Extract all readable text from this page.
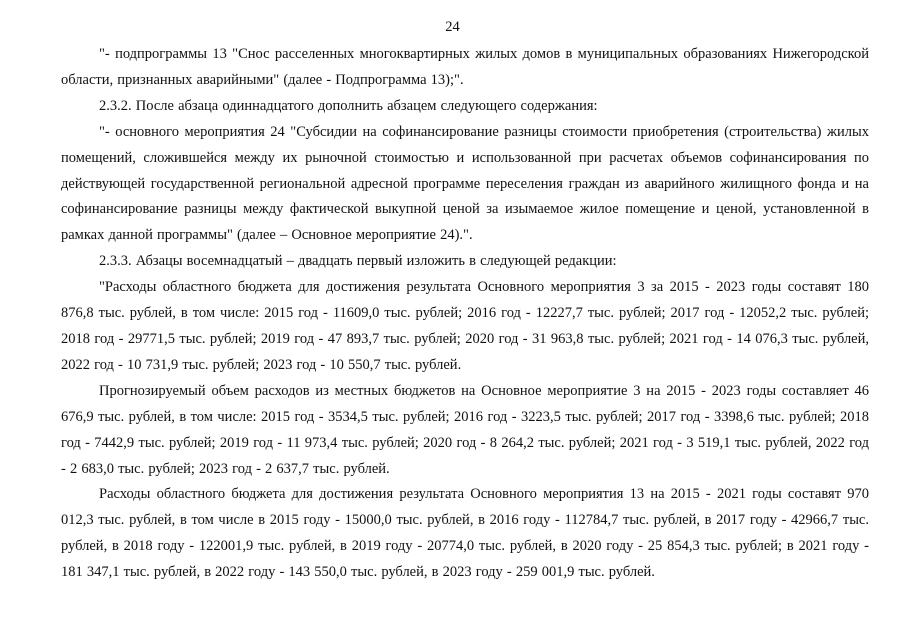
24

"- подпрограммы 13 "Снос расселенных многоквартирных жилых домов в муниципальных образованиях Нижегородской области, признанных аварийными" (далее - Подпрограмма 13);".

2.3.2. После абзаца одиннадцатого дополнить абзацем следующего содержания:

"- основного мероприятия 24 "Субсидии на софинансирование разницы стоимости приобретения (строительства) жилых помещений, сложившейся между их рыночной стоимостью и использованной при расчетах объемов софинансирования по действующей государственной региональной адресной программе переселения граждан из аварийного жилищного фонда и на софинансирование разницы между фактической выкупной ценой за изымаемое жилое помещение и ценой, установленной в рамках данной программы" (далее – Основное мероприятие 24).".

2.3.3. Абзацы восемнадцатый – двадцать первый изложить в следующей редакции:

"Расходы областного бюджета для достижения результата Основного мероприятия 3 за 2015 - 2023 годы составят 180 876,8 тыс. рублей, в том числе: 2015 год - 11609,0 тыс. рублей; 2016 год - 12227,7 тыс. рублей; 2017 год - 12052,2 тыс. рублей; 2018 год - 29771,5 тыс. рублей; 2019 год - 47 893,7 тыс. рублей; 2020 год - 31 963,8 тыс. рублей; 2021 год - 14 076,3 тыс. рублей, 2022 год - 10 731,9 тыс. рублей; 2023 год - 10 550,7 тыс. рублей.

Прогнозируемый объем расходов из местных бюджетов на Основное мероприятие 3 на 2015 - 2023 годы составляет 46 676,9 тыс. рублей, в том числе: 2015 год - 3534,5 тыс. рублей; 2016 год - 3223,5 тыс. рублей; 2017 год - 3398,6 тыс. рублей; 2018 год - 7442,9 тыс. рублей; 2019 год - 11 973,4 тыс. рублей; 2020 год - 8 264,2 тыс. рублей; 2021 год - 3 519,1 тыс. рублей, 2022 год - 2 683,0 тыс. рублей; 2023 год - 2 637,7 тыс. рублей.

Расходы областного бюджета для достижения результата Основного мероприятия 13 на 2015 - 2021 годы составят 970 012,3 тыс. рублей, в том числе в 2015 году - 15000,0 тыс. рублей, в 2016 году - 112784,7 тыс. рублей, в 2017 году - 42966,7 тыс. рублей, в 2018 году - 122001,9 тыс. рублей, в 2019 году - 20774,0 тыс. рублей, в 2020 году - 25 854,3 тыс. рублей; в 2021 году - 181 347,1 тыс. рублей, в 2022 году - 143 550,0 тыс. рублей, в 2023 году - 259 001,9 тыс. рублей.
